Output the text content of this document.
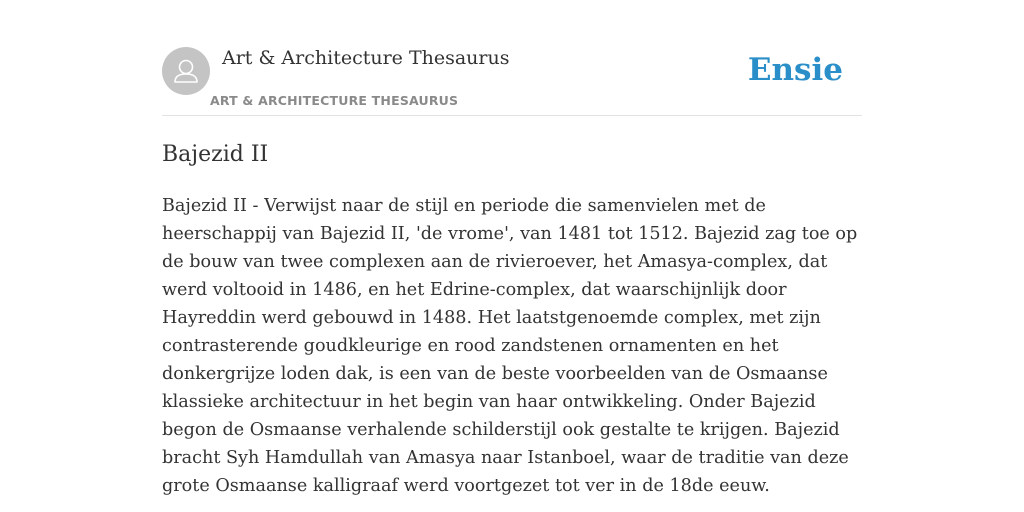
Art & Architecture Thesaurus
ART & ARCHITECTURE THESAURUS
Ensie
Bajezid II

Bajezid II - Verwijst naar de stijl en periode die samenvielen met de heerschappij van Bajezid II, 'de vrome', van 1481 tot 1512. Bajezid zag toe op de bouw van twee complexen aan de rivieroever, het Amasya-complex, dat werd voltooid in 1486, en het Edrine-complex, dat waarschijnlijk door Hayreddin werd gebouwd in 1488. Het laatstgenoemde complex, met zijn contrasterende goudkleurige en rood zandstenen ornamenten en het donkergrijze loden dak, is een van de beste voorbeelden van de Osmaanse klassieke architectuur in het begin van haar ontwikkeling. Onder Bajezid begon de Osmaanse verhalende schilderstijl ook gestalte te krijgen. Bajezid bracht Syh Hamdullah van Amasya naar Istanboel, waar de traditie van deze grote Osmaanse kalligraaf werd voortgezet tot ver in de 18de eeuw.
